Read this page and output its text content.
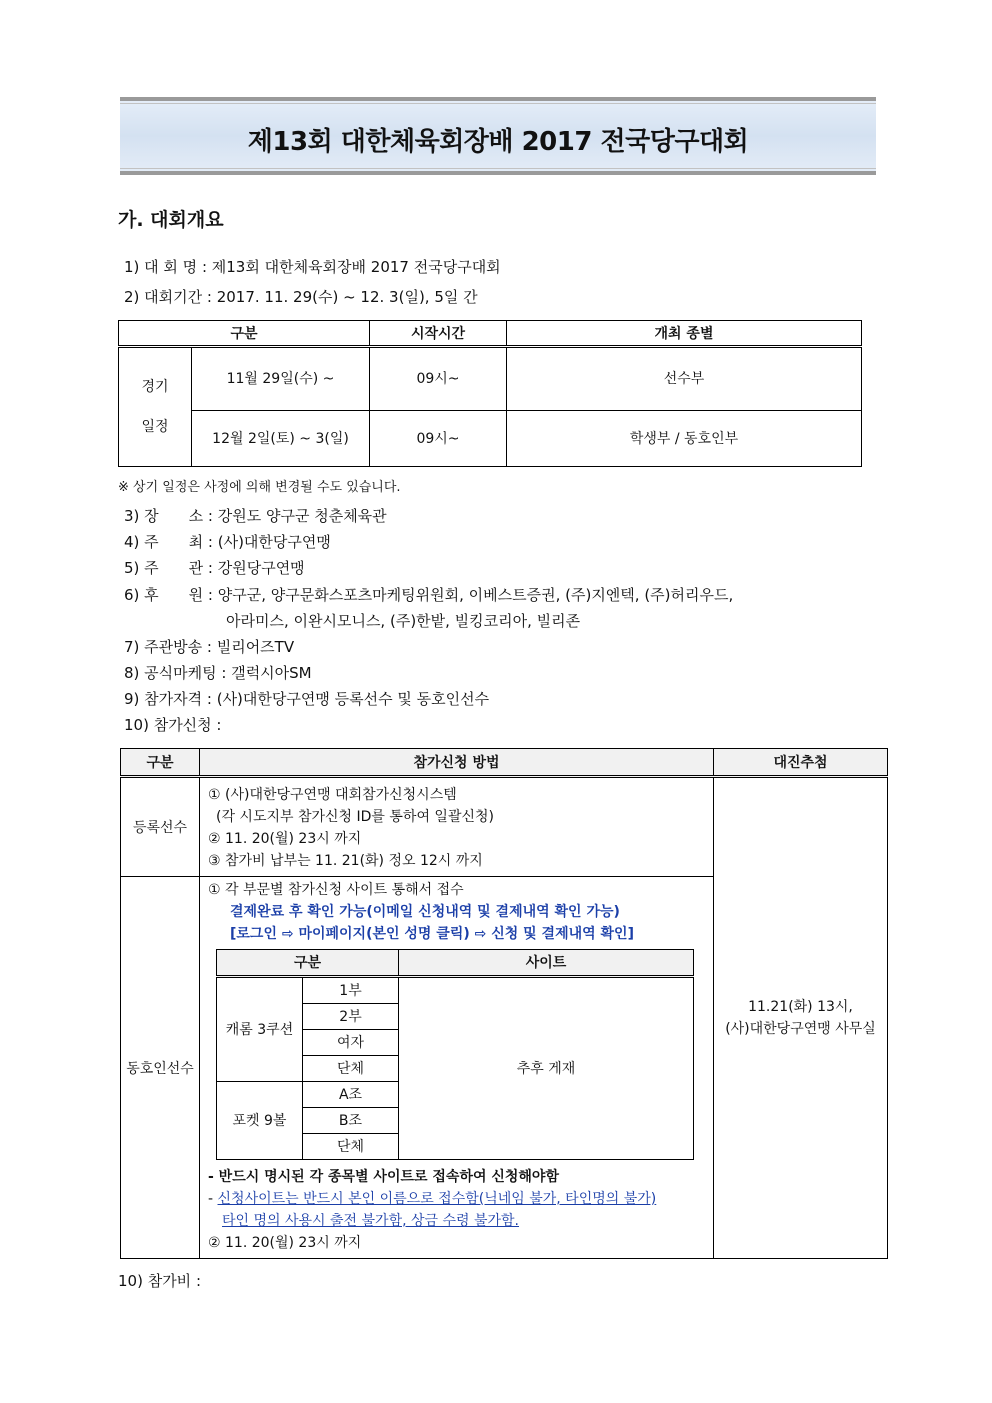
제13회 대한체육회장배 2017 전국당구대회
가. 대회개요
1) 대 회 명 : 제13회 대한체육회장배 2017 전국당구대회
2) 대회기간 : 2017. 11. 29(수) ~ 12. 3(일), 5일 간
구분		시작시간	개최 종별

경기
일정	11월 29일(수) ~	09시~	선수부
	12월 2일(토) ~ 3(일)	09시~	학생부 / 동호인부
※ 상기 일정은 사정에 의해 변경될 수도 있습니다.
3) 장　　소 : 강원도 양구군 청춘체육관
4) 주　　최 : (사)대한당구연맹
5) 주　　관 : 강원당구연맹
6) 후　　원 : 양구군, 양구문화스포츠마케팅위원회, 이베스트증권, (주)지엔텍, (주)허리우드,
아라미스, 이완시모니스, (주)한밭, 빌킹코리아, 빌리존
7) 주관방송 : 빌리어즈TV
8) 공식마케팅 : 갤럭시아SM
9) 참가자격 : (사)대한당구연맹 등록선수 및 동호인선수
10) 참가신청 :
구분	참가신청 방법	대진추첨
등록선수	
① (사)대한당구연맹 대회참가신청시스템
(각 시도지부 참가신청 ID를 통하여 일괄신청)
② 11. 20(월) 23시 까지
③ 참가비 납부는 11. 21(화) 정오 12시 까지

11.21(화) 13시,
(사)대한당구연맹 사무실

동호인선수	
① 각 부문별 참가신청 사이트 통해서 접수
결제완료 후 확인 가능(이메일 신청내역 및 결제내역 확인 가능)
[로그인 ⇨ 마이페이지(본인 성명 클릭) ⇨ 신청 및 결제내역 확인]
구분	사이트
캐롬 3쿠션	1부	추후 게재
2부
여자
단체
포켓 9볼	A조
B조
단체
- 반드시 명시된 각 종목별 사이트로 접속하여 신청해야함
- 신청사이트는 반드시 본인 이름으로 접수함(닉네임 불가, 타인명의 불가)
타인 명의 사용시 출전 불가함, 상금 수령 불가함.
② 11. 20(월) 23시 까지
10) 참가비 :
